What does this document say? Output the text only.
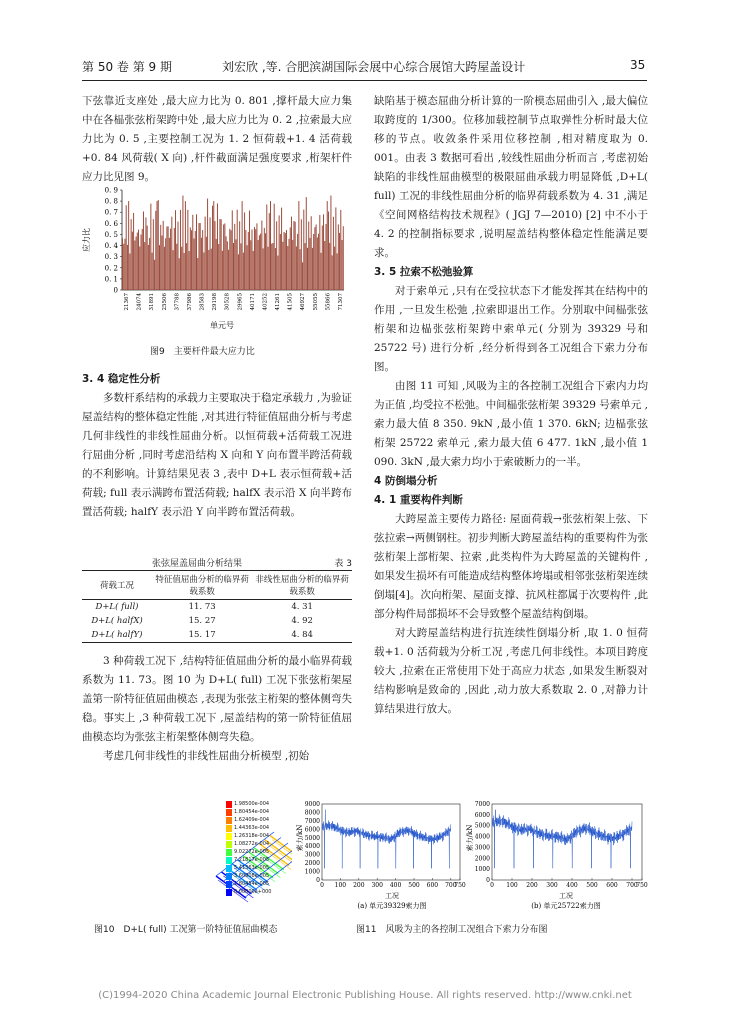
第 50 卷 第 9 期	刘宏欣 ,等. 合肥滨湖国际会展中心综合展馆大跨屋盖设计	35

下弦靠近支座处 ,最大应力比为 0. 801 ,撑杆最大应力集中在各榀张弦桁架跨中处 ,最大应力比为 0. 2 ,拉索最大应力比为 0. 5 ,主要控制工况为 1. 2 恒荷载+1. 4 活荷载+0. 84 风荷载( X 向) ,杆件截面满足强度要求 ,桁架杆件应力比见图 9。

0
0. 1
0. 2
0. 3
0. 4
0. 5
0. 6
0. 7
0. 8
0. 9
21367 24074 31891 25506 37788 37986 28583 29198 30528 29965 40171 40252 41261 41505 46927 55055 55866 71307
应力比
单元号
图9　主要杆件最大应力比

3. 4 稳定性分析

多数杆系结构的承载力主要取决于稳定承载力 ,为验证屋盖结构的整体稳定性能 ,对其进行特征值屈曲分析与考虑几何非线性的非线性屈曲分析。以恒荷载+活荷载工况进行屈曲分析 ,同时考虑沿结构 X 向和 Y 向布置半跨活荷载的不利影响。计算结果见表 3 ,表中 D+L 表示恒荷载+活荷载; full 表示满跨布置活荷载; halfX 表示沿 X 向半跨布置活荷载; halfY 表示沿 Y 向半跨布置活荷载。

张弦屋盖屈曲分析结果	表 3
荷载工况	特征值屈曲分析的临界荷载系数	非线性屈曲分析的临界荷载系数
D+L( full)	11. 73	4. 31
D+L( halfX)	15. 27	4. 92
D+L( halfY)	15. 17	4. 84

3 种荷载工况下 ,结构特征值屈曲分析的最小临界荷载系数为 11. 73。图 10 为 D+L( full) 工况下张弦桁架屋盖第一阶特征值屈曲模态 ,表现为张弦主桁架的整体侧弯失稳。事实上 ,3 种荷载工况下 ,屋盖结构的第一阶特征值屈曲模态均为张弦主桁架整体侧弯失稳。

考虑几何非线性的非线性屈曲分析模型 ,初始

缺陷基于模态屈曲分析计算的一阶模态屈曲引入 ,最大偏位取跨度的 1/300。位移加载控制节点取弹性分析时最大位移的节点。收敛条件采用位移控制 ,相对精度取为 0. 001。由表 3 数据可看出 ,较线性屈曲分析而言 ,考虑初始缺陷的非线性屈曲模型的极限屈曲承载力明显降低 ,D+L( full) 工况的非线性屈曲分析的临界荷载系数为 4. 31 ,满足《空间网格结构技术规程》( JGJ 7—2010) [2] 中不小于 4. 2 的控制指标要求 ,说明屋盖结构整体稳定性能满足要求。

3. 5 拉索不松弛验算

对于索单元 ,只有在受拉状态下才能发挥其在结构中的作用 ,一旦发生松弛 ,拉索即退出工作。分别取中间榀张弦桁架和边榀张弦桁架跨中索单元( 分别为 39329 号和 25722 号) 进行分析 ,经分析得到各工况组合下索力分布图。

由图 11 可知 ,风吸为主的各控制工况组合下索内力均为正值 ,均受拉不松弛。中间榀张弦桁架 39329 号索单元 ,索力最大值 8 350. 9kN ,最小值 1 370. 6kN; 边榀张弦桁架 25722 索单元 ,索力最大值 6 477. 1kN ,最小值 1 090. 3kN ,最大索力均小于索破断力的一半。

4 防倒塌分析

4. 1 重要构件判断

大跨屋盖主要传力路径: 屋面荷载→张弦桁架上弦、下弦拉索→两侧钢柱。初步判断大跨屋盖结构的重要构件为张弦桁架上部桁架、拉索 ,此类构件为大跨屋盖的关键构件 ,如果发生损坏有可能造成结构整体垮塌或相邻张弦桁架连续倒塌[4]。次向桁架、屋面支撑、抗风柱都属于次要构件 ,此部分构件局部损坏不会导致整个屋盖结构倒塌。

对大跨屋盖结构进行抗连续性倒塌分析 ,取 1. 0 恒荷载+1. 0 活荷载为分析工况 ,考虑几何非线性。本项目跨度较大 ,拉索在正常使用下处于高应力状态 ,如果发生断裂对结构影响是致命的 ,因此 ,动力放大系数取 2. 0 ,对静力计算结果进行放大。

1.98500e-004
1.80454e-004
1.62409e-004
1.44363e-004
1.26318e-004
1.08272e-004
9.02272e-005
7.21817e-005
5.41363e-005
3.60908e-005
1.80454e-005
0.00000e+000
图10　D+L( full) 工况第一阶特征值屈曲模态
0
1000
2000
3000
4000
5000
6000
7000
8000
9000
0 100 200 300 400 500 600 700
750
索力/kN
工况
(a) 单元39329索力图
0
1000
2000
3000
4000
5000
6000
7000
0 100 200 300 400 500 600 700
750
索力/kN
工况
(b) 单元25722索力图
图11　风吸为主的各控制工况组合下索力分布图
(C)1994-2020 China Academic Journal Electronic Publishing House. All rights reserved. http://www.cnki.net
